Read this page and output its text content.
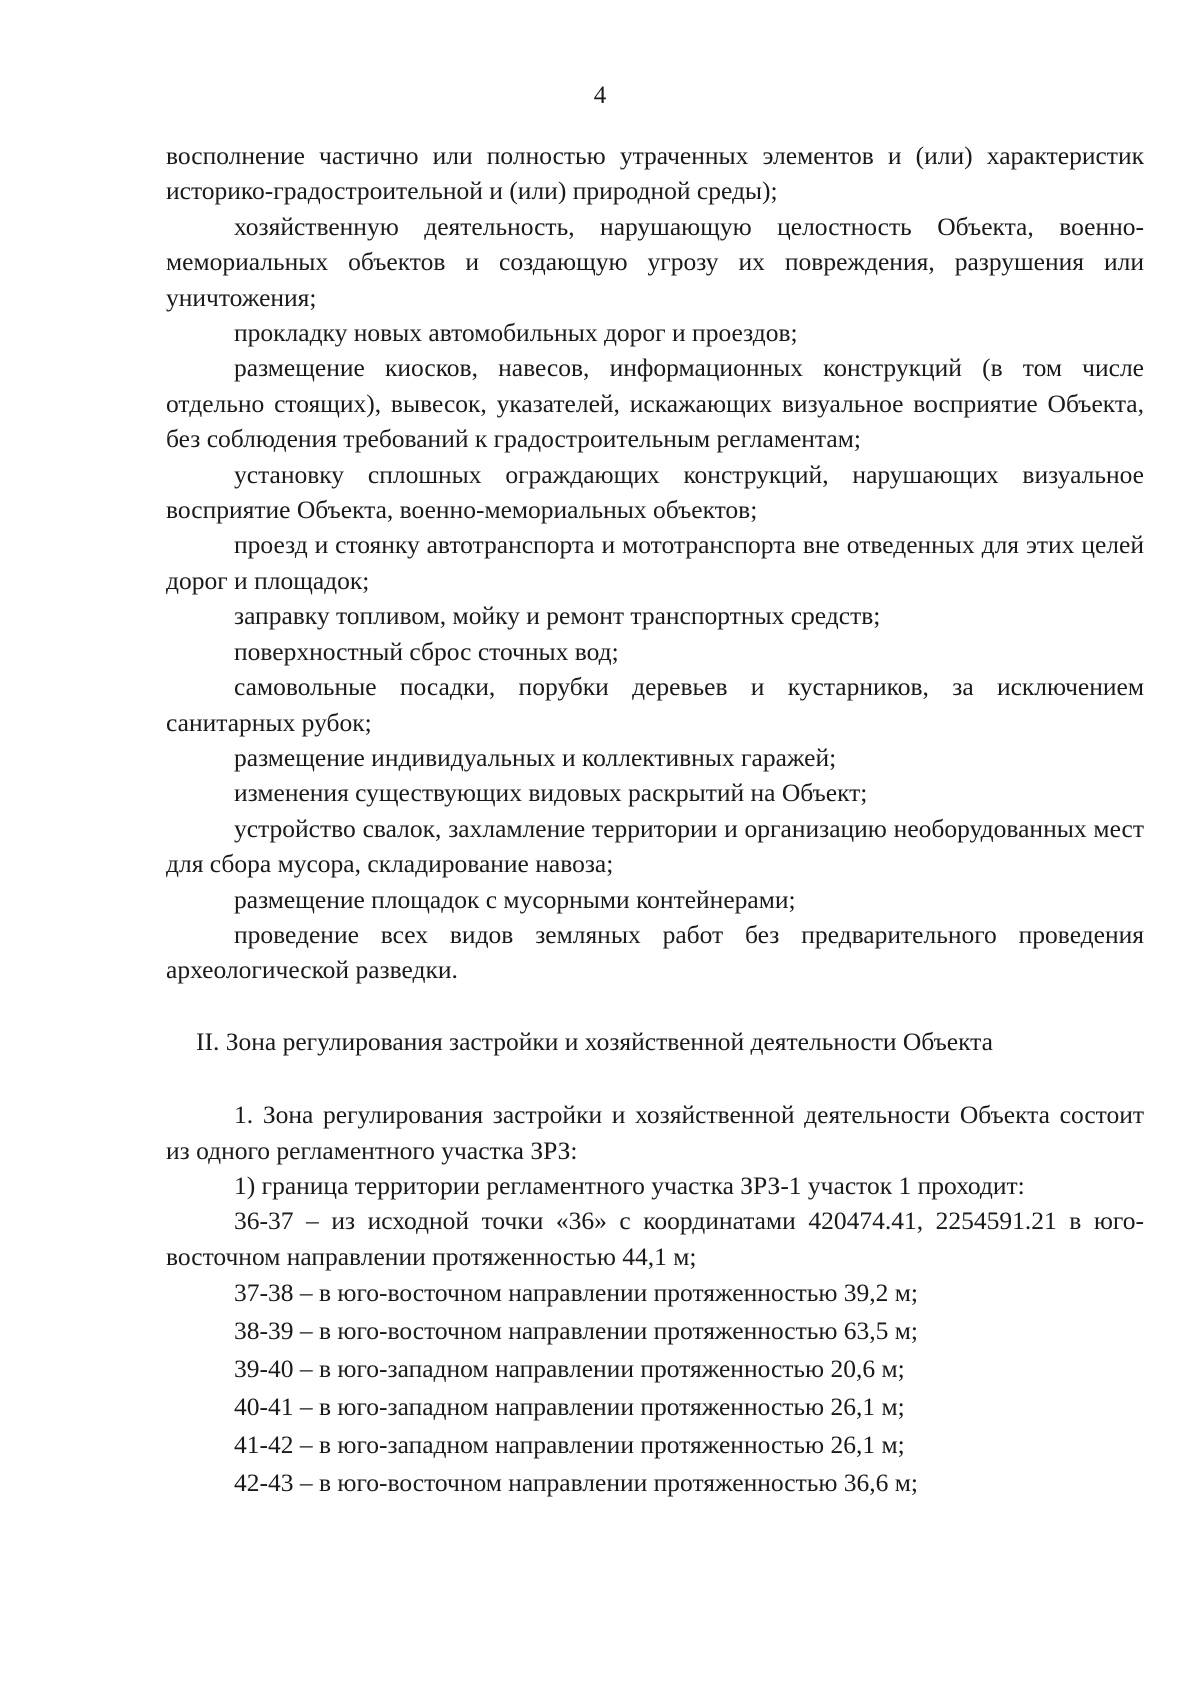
4

восполнение частично или полностью утраченных элементов и (или) характеристик историко-градостроительной и (или) природной среды);

хозяйственную деятельность, нарушающую целостность Объекта, военно-мемориальных объектов и создающую угрозу их повреждения, разрушения или уничтожения;

прокладку новых автомобильных дорог и проездов;

размещение киосков, навесов, информационных конструкций (в том числе отдельно стоящих), вывесок, указателей, искажающих визуальное восприятие Объекта, без соблюдения требований к градостроительным регламентам;

установку сплошных ограждающих конструкций, нарушающих визуальное восприятие Объекта, военно-мемориальных объектов;

проезд и стоянку автотранспорта и мототранспорта вне отведенных для этих целей дорог и площадок;

заправку топливом, мойку и ремонт транспортных средств;

поверхностный сброс сточных вод;

самовольные посадки, порубки деревьев и кустарников, за исключением санитарных рубок;

размещение индивидуальных и коллективных гаражей;

изменения существующих видовых раскрытий на Объект;

устройство свалок, захламление территории и организацию необорудованных мест для сбора мусора, складирование навоза;

размещение площадок с мусорными контейнерами;

проведение всех видов земляных работ без предварительного проведения археологической разведки.

II. Зона регулирования застройки и хозяйственной деятельности Объекта

1. Зона регулирования застройки и хозяйственной деятельности Объекта состоит из одного регламентного участка ЗРЗ:

1) граница территории регламентного участка ЗРЗ-1 участок 1 проходит:

36-37 – из исходной точки «36» с координатами 420474.41, 2254591.21 в юго-восточном направлении протяженностью 44,1 м;

37-38 – в юго-восточном направлении протяженностью 39,2 м;
38-39 – в юго-восточном направлении протяженностью 63,5 м;
39-40 – в юго-западном направлении протяженностью 20,6 м;
40-41 – в юго-западном направлении протяженностью 26,1 м;
41-42 – в юго-западном направлении протяженностью 26,1 м;
42-43 – в юго-восточном направлении протяженностью 36,6 м;
